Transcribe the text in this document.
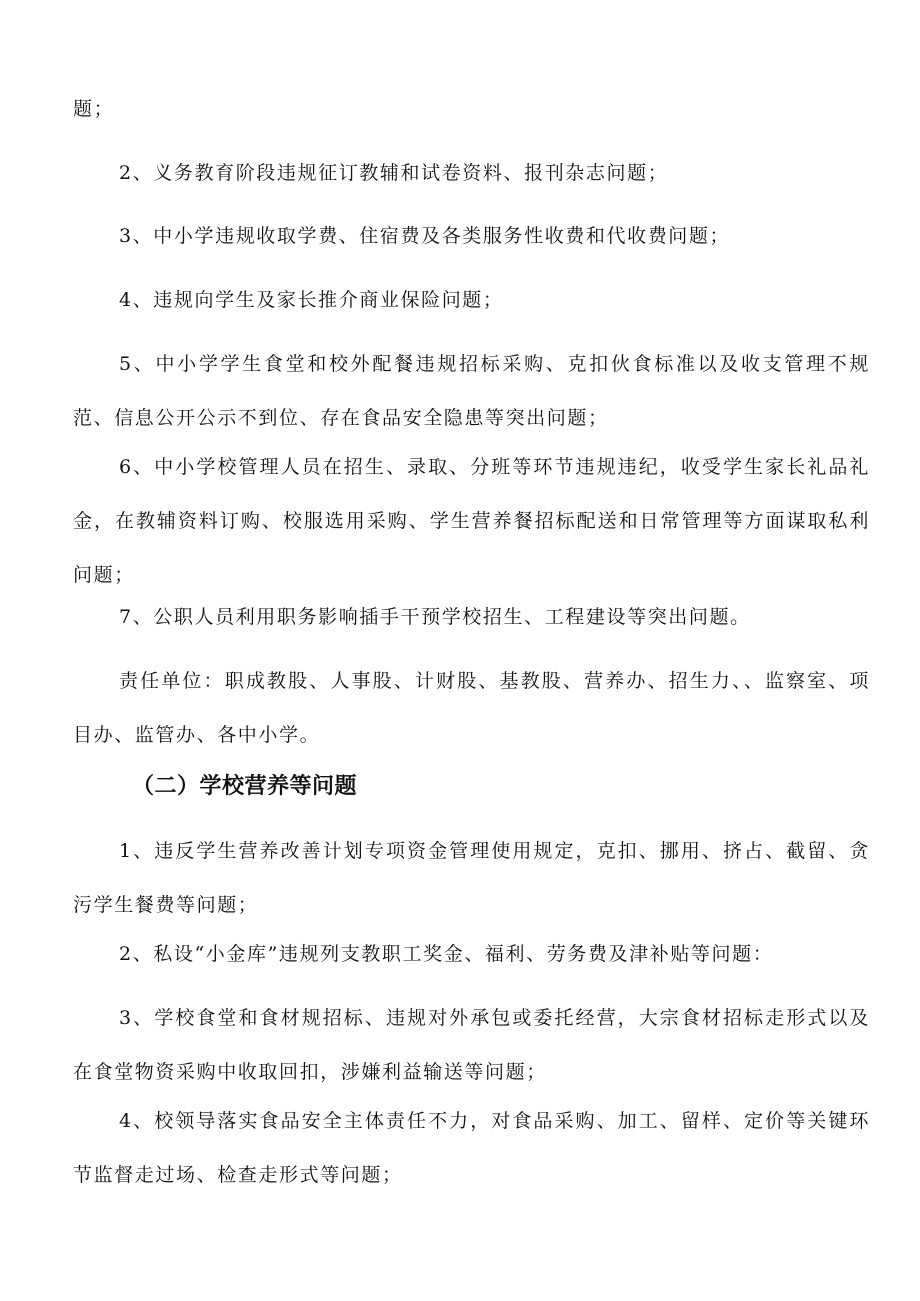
题；

2、义务教育阶段违规征订教辅和试卷资料、报刊杂志问题；

3、中小学违规收取学费、住宿费及各类服务性收费和代收费问题；

4、违规向学生及家长推介商业保险问题；

5、中小学学生食堂和校外配餐违规招标采购、克扣伙食标准以及收支管理不规范、信息公开公示不到位、存在食品安全隐患等突出问题；

6、中小学校管理人员在招生、录取、分班等环节违规违纪，收受学生家长礼品礼金，在教辅资料订购、校服选用采购、学生营养餐招标配送和日常管理等方面谋取私利问题；

7、公职人员利用职务影响插手干预学校招生、工程建设等突出问题。

责任单位：职成教股、人事股、计财股、基教股、营养办、招生力、、监察室、项目办、监管办、各中小学。

（二）学校营养等问题

1、违反学生营养改善计划专项资金管理使用规定，克扣、挪用、挤占、截留、贪污学生餐费等问题；

2、私设“小金库”违规列支教职工奖金、福利、劳务费及津补贴等问题：

3、学校食堂和食材规招标、违规对外承包或委托经营，大宗食材招标走形式以及在食堂物资采购中收取回扣，涉嫌利益输送等问题；

4、校领导落实食品安全主体责任不力，对食品采购、加工、留样、定价等关键环节监督走过场、检查走形式等问题；
